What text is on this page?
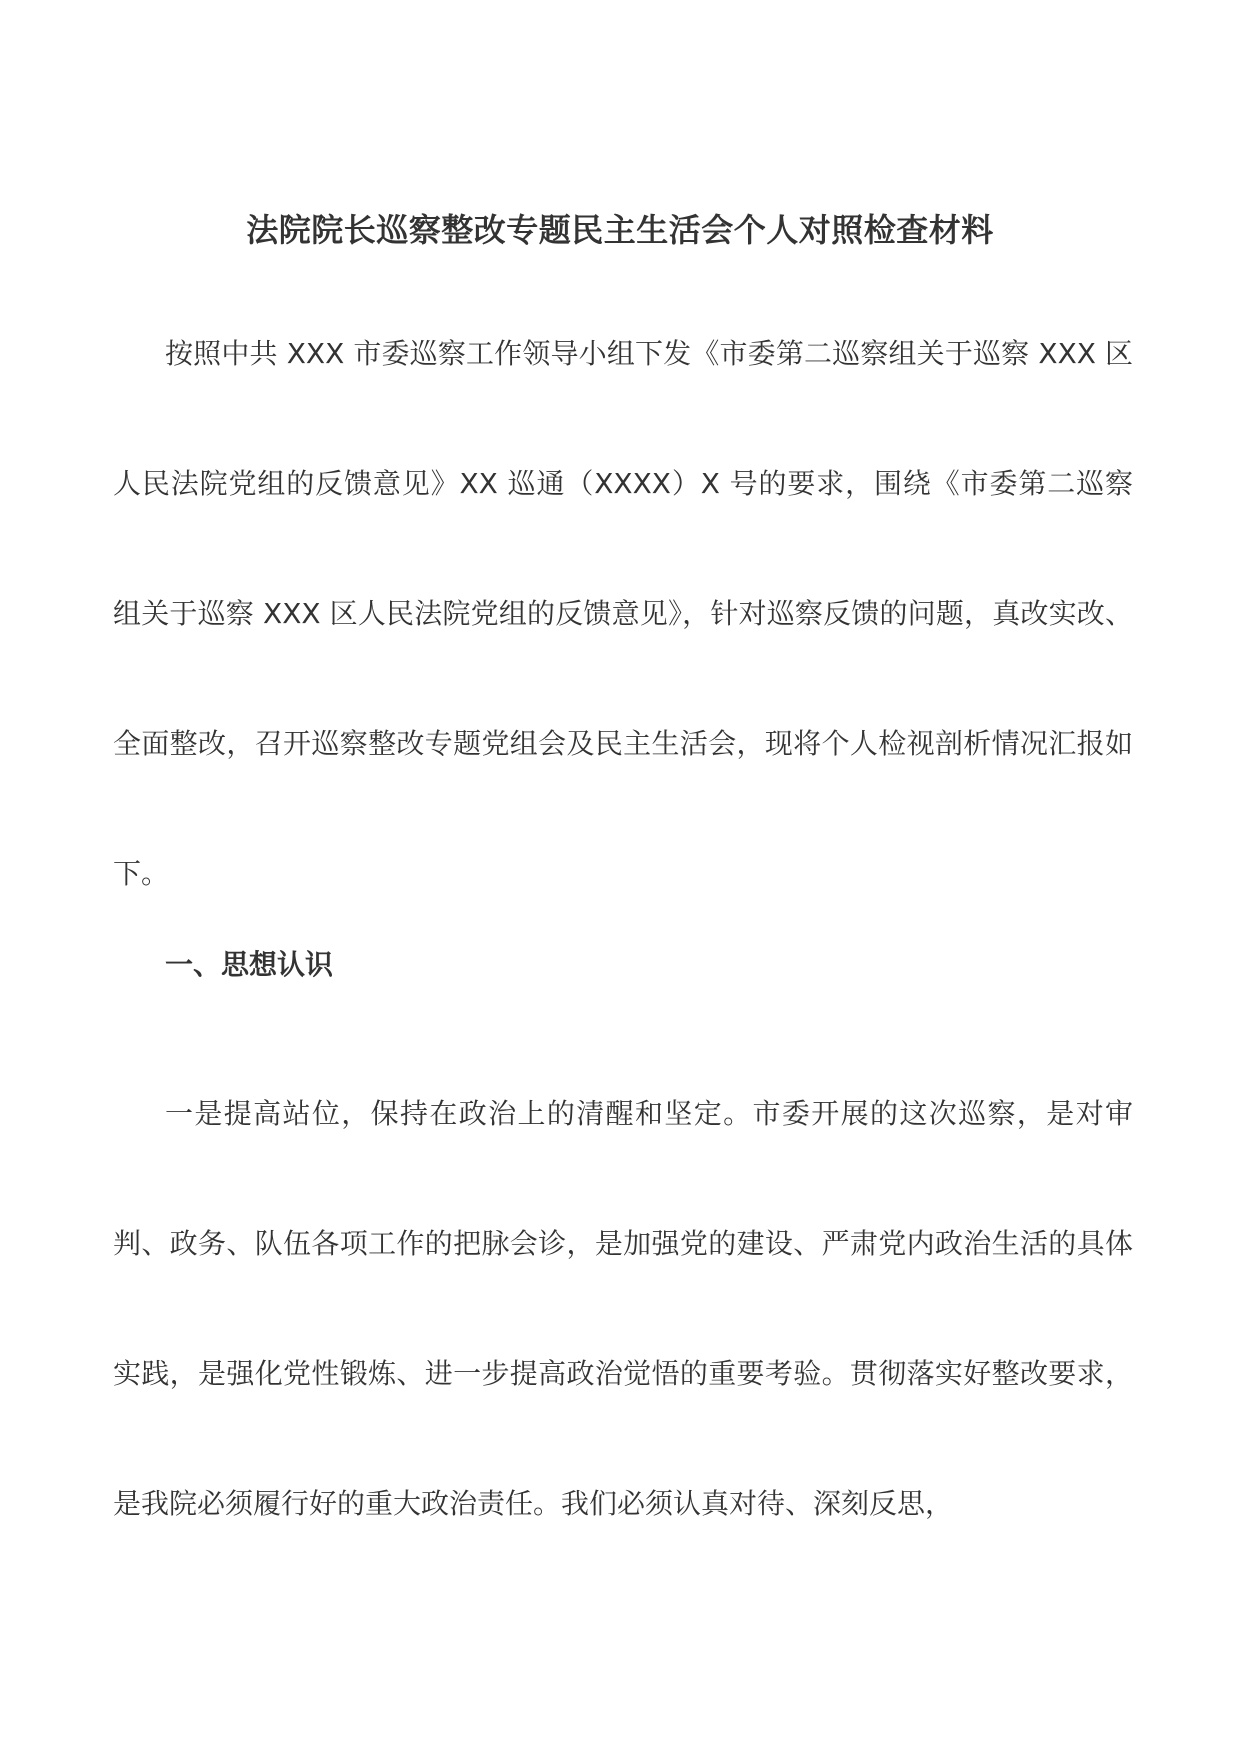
法院院长巡察整改专题民主生活会个人对照检查材料

按照中共 XXX 市委巡察工作领导小组下发《市委第二巡察组关于巡察 XXX 区人民法院党组的反馈意见》XX 巡通（XXXX）X 号的要求，围绕《市委第二巡察组关于巡察 XXX 区人民法院党组的反馈意见》，针对巡察反馈的问题，真改实改、全面整改，召开巡察整改专题党组会及民主生活会，现将个人检视剖析情况汇报如下。

一、思想认识

一是提高站位，保持在政治上的清醒和坚定。市委开展的这次巡察，是对审判、政务、队伍各项工作的把脉会诊，是加强党的建设、严肃党内政治生活的具体实践，是强化党性锻炼、进一步提高政治觉悟的重要考验。贯彻落实好整改要求，是我院必须履行好的重大政治责任。我们必须认真对待、深刻反思，
